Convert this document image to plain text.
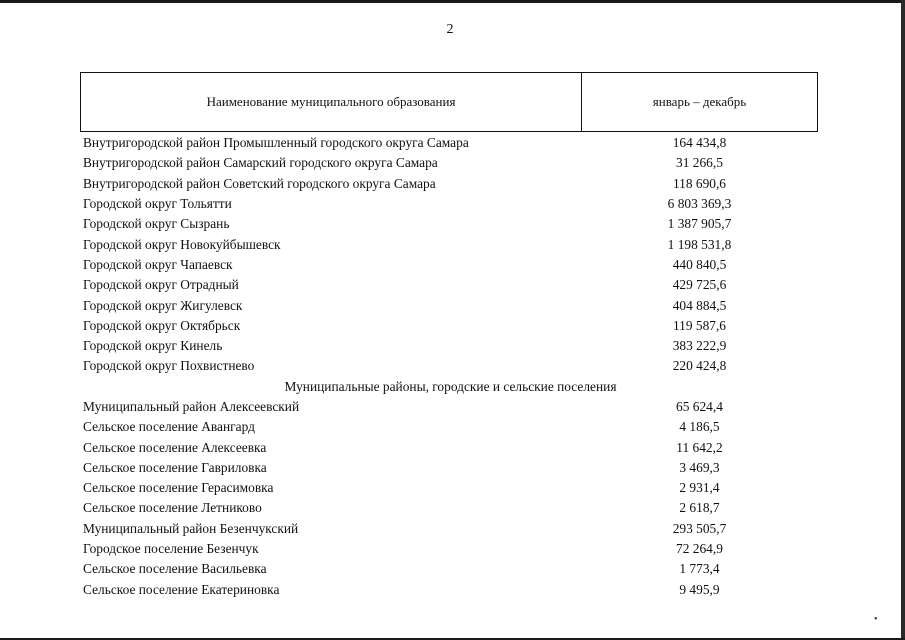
2
Наименование муниципального образования	январь – декабрь
Внутригородской район Промышленный городского округа Самара	164 434,8
Внутригородской район Самарский городского округа Самара	31 266,5
Внутригородской район Советский городского округа Самара	118 690,6
Городской округ Тольятти	6 803 369,3
Городской округ Сызрань	1 387 905,7
Городской округ Новокуйбышевск	1 198 531,8
Городской округ Чапаевск	440 840,5
Городской округ Отрадный	429 725,6
Городской округ Жигулевск	404 884,5
Городской округ Октябрьск	119 587,6
Городской округ Кинель	383 222,9
Городской округ Похвистнево	220 424,8
Муниципальные районы, городские и сельские поселения
Муниципальный район Алексеевский	65 624,4
Сельское поселение Авангард	4 186,5
Сельское поселение Алексеевка	11 642,2
Сельское поселение Гавриловка	3 469,3
Сельское поселение Герасимовка	2 931,4
Сельское поселение Летниково	2 618,7
Муниципальный район Безенчукский	293 505,7
Городское поселение Безенчук	72 264,9
Сельское поселение Васильевка	1 773,4
Сельское поселение Екатериновка	9 495,9
•
